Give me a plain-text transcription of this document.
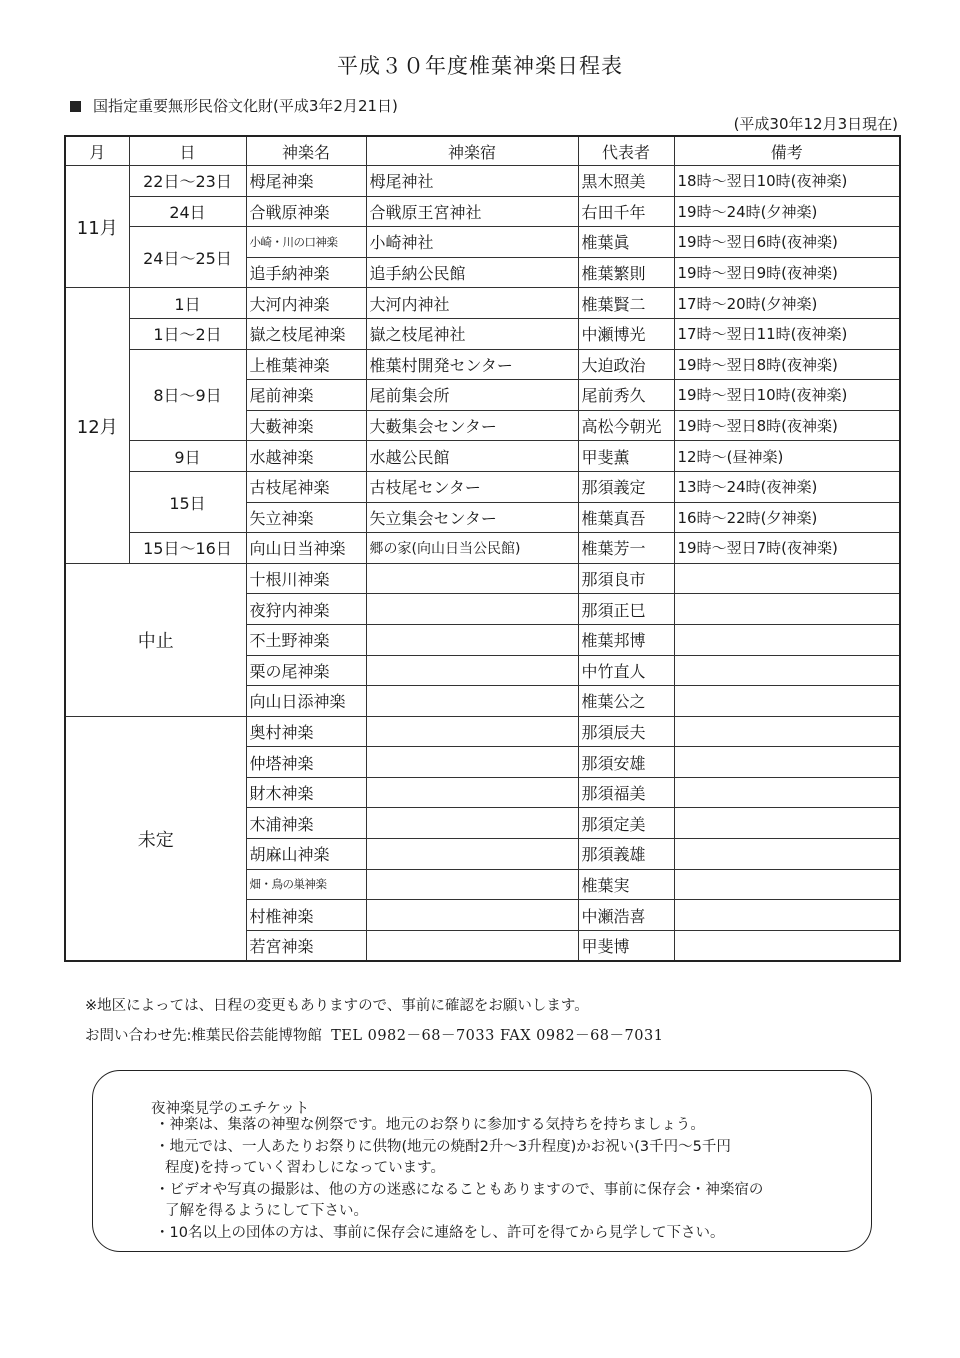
平成３０年度椎葉神楽日程表
国指定重要無形民俗文化財(平成3年2月21日)
(平成30年12月3日現在)
月	日	神楽名	神楽宿	代表者	備考
11月	22日～23日	栂尾神楽	栂尾神社	黒木照美	18時～翌日10時(夜神楽)
	24日	合戦原神楽	合戦原王宮神社	右田千年	19時～24時(夕神楽)
	24日～25日	小崎・川の口神楽	小崎神社	椎葉眞	19時～翌日6時(夜神楽)
		追手納神楽	追手納公民館	椎葉繁則	19時～翌日9時(夜神楽)
12月	1日	大河内神楽	大河内神社	椎葉賢二	17時～20時(夕神楽)
	1日～2日	嶽之枝尾神楽	嶽之枝尾神社	中瀬博光	17時～翌日11時(夜神楽)
	8日～9日	上椎葉神楽	椎葉村開発センター	大迫政治	19時～翌日8時(夜神楽)
		尾前神楽	尾前集会所	尾前秀久	19時～翌日10時(夜神楽)
		大藪神楽	大藪集会センター	高松今朝光	19時～翌日8時(夜神楽)
	9日	水越神楽	水越公民館	甲斐薫	12時～(昼神楽)
	15日	古枝尾神楽	古枝尾センター	那須義定	13時～24時(夜神楽)
		矢立神楽	矢立集会センター	椎葉真吾	16時～22時(夕神楽)
	15日～16日	向山日当神楽	郷の家(向山日当公民館)	椎葉芳一	19時～翌日7時(夜神楽)
中止		十根川神楽		那須良市	
		夜狩内神楽		那須正巳	
		不土野神楽		椎葉邦博	
		栗の尾神楽		中竹直人	
		向山日添神楽		椎葉公之	
未定		奥村神楽		那須辰夫	
		仲塔神楽		那須安雄	
		財木神楽		那須福美	
		木浦神楽		那須定美	
		胡麻山神楽		那須義雄	
		畑・鳥の巣神楽		椎葉実	
		村椎神楽		中瀬浩喜	
		若宮神楽		甲斐博	
※地区によっては、日程の変更もありますので、事前に確認をお願いします。
お問い合わせ先:椎葉民俗芸能博物館 TEL 0982－68－7033 FAX 0982－68－7031
夜神楽見学のエチケット
・神楽は、集落の神聖な例祭です。地元のお祭りに参加する気持ちを持ちましょう。
・地元では、一人あたりお祭りに供物(地元の焼酎2升～3升程度)かお祝い(3千円～5千円
程度)を持っていく習わしになっています。
・ビデオや写真の撮影は、他の方の迷惑になることもありますので、事前に保存会・神楽宿の
了解を得るようにして下さい。
・10名以上の団体の方は、事前に保存会に連絡をし、許可を得てから見学して下さい。
